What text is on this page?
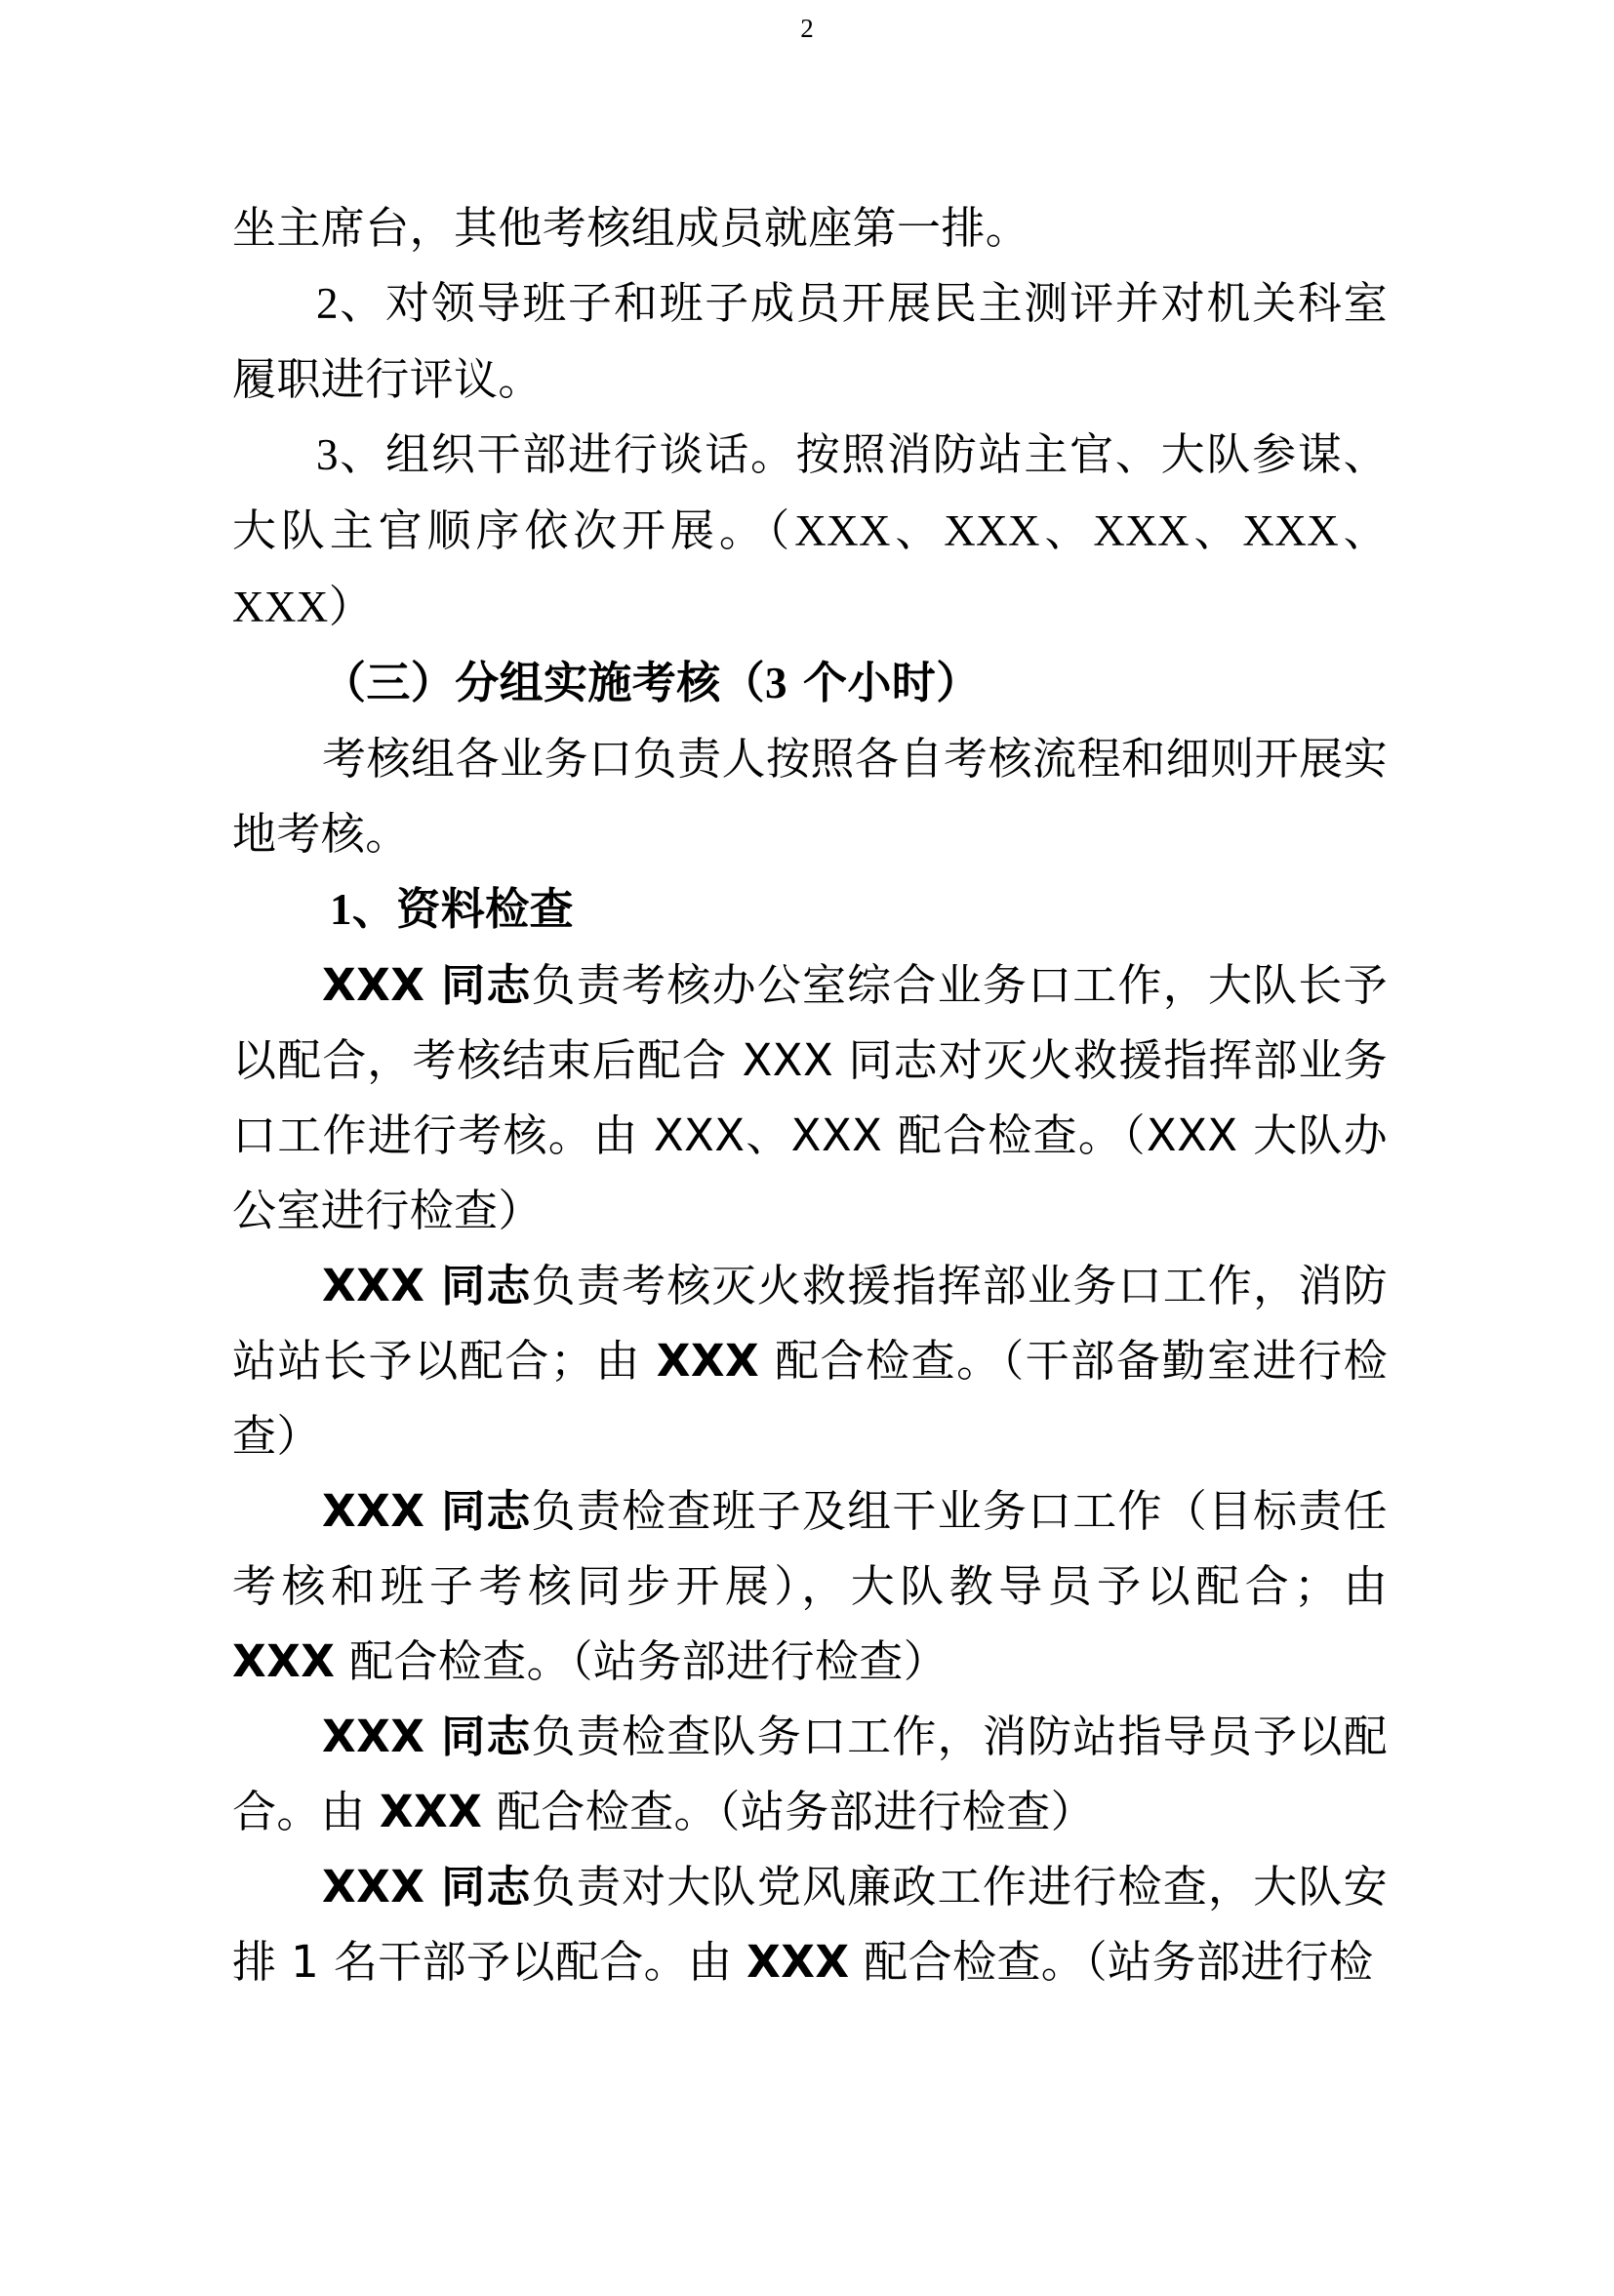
2

坐主席台，其他考核组成员就座第一排。

2、对领导班子和班子成员开展民主测评并对机关科室履职进行评议。

3、组织干部进行谈话。按照消防站主官、大队参谋、大队主官顺序依次开展。（XXX、XXX、XXX、XXX、XXX）

（三）分组实施考核（3 个小时）

考核组各业务口负责人按照各自考核流程和细则开展实地考核。

1、资料检查

XXX 同志负责考核办公室综合业务口工作，大队长予以配合，考核结束后配合 XXX 同志对灭火救援指挥部业务口工作进行考核。由 XXX、XXX 配合检查。（XXX 大队办公室进行检查）

XXX 同志负责考核灭火救援指挥部业务口工作，消防站站长予以配合；由 XXX 配合检查。（干部备勤室进行检查）

XXX 同志负责检查班子及组干业务口工作（目标责任考核和班子考核同步开展），大队教导员予以配合；由 XXX 配合检查。（站务部进行检查）

XXX 同志负责检查队务口工作，消防站指导员予以配合。由 XXX 配合检查。（站务部进行检查）

XXX 同志负责对大队党风廉政工作进行检查，大队安排 1 名干部予以配合。由 XXX 配合检查。（站务部进行检
